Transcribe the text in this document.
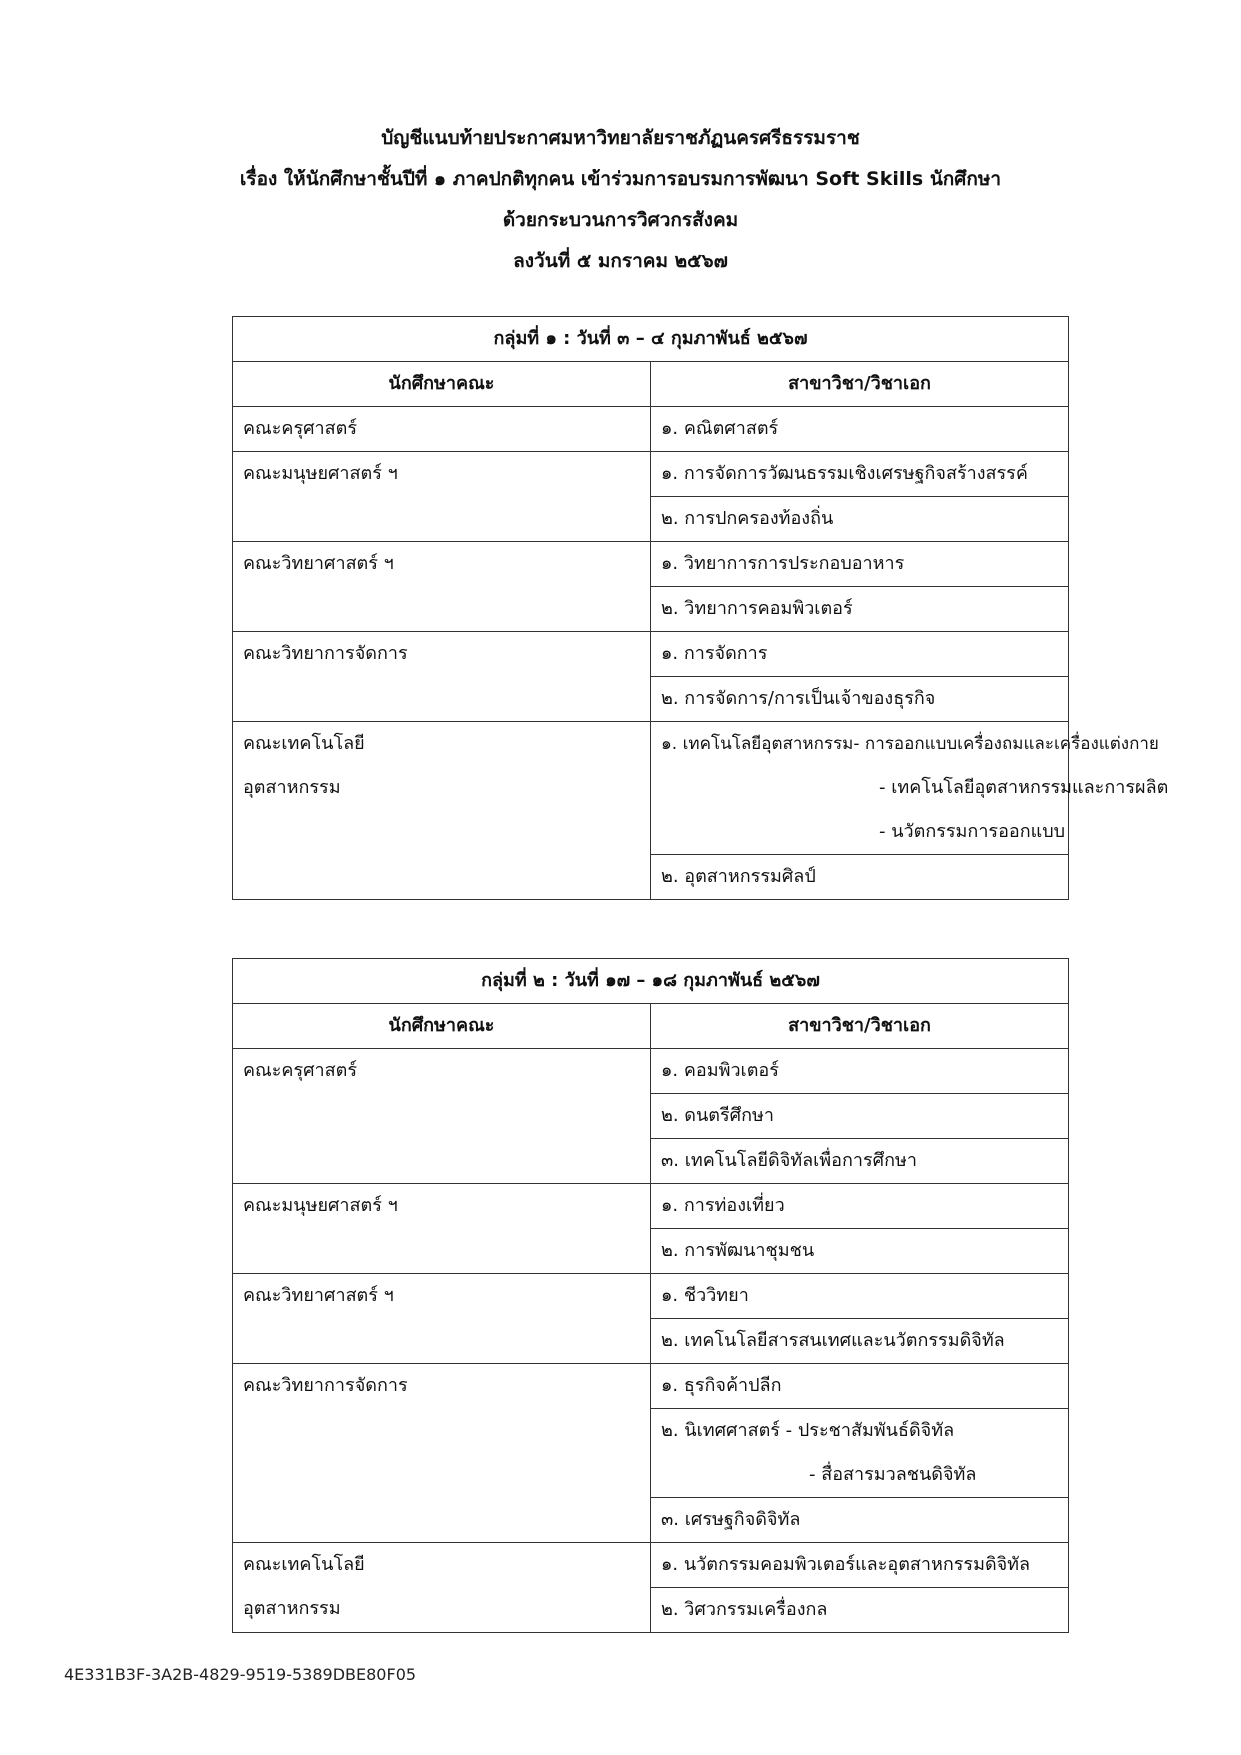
บัญชีแนบท้ายประกาศมหาวิทยาลัยราชภัฏนครศรีธรรมราช
เรื่อง ให้นักศึกษาชั้นปีที่ ๑ ภาคปกติทุกคน เข้าร่วมการอบรมการพัฒนา Soft Skills นักศึกษา
ด้วยกระบวนการวิศวกรสังคม
ลงวันที่ ๕ มกราคม ๒๕๖๗
กลุ่มที่ ๑ : วันที่ ๓ – ๔ กุมภาพันธ์ ๒๕๖๗	
นักศึกษาคณะ	สาขาวิชา/วิชาเอก
คณะครุศาสตร์	๑. คณิตศาสตร์
คณะมนุษยศาสตร์ ฯ	๑. การจัดการวัฒนธรรมเชิงเศรษฐกิจสร้างสรรค์
	๒. การปกครองท้องถิ่น
คณะวิทยาศาสตร์ ฯ	๑. วิทยาการการประกอบอาหาร
	๒. วิทยาการคอมพิวเตอร์
คณะวิทยาการจัดการ	๑. การจัดการ
	๒. การจัดการ/การเป็นเจ้าของธุรกิจ

คณะเทคโนโลยี
อุตสาหกรรม	๑. เทคโนโลยีอุตสาหกรรม- การออกแบบเครื่องถมและเครื่องแต่งกาย
- เทคโนโลยีอุตสาหกรรมและการผลิต
- นวัตกรรมการออกแบบ

	๒. อุตสาหกรรมศิลป์
กลุ่มที่ ๒ : วันที่ ๑๗ – ๑๘ กุมภาพันธ์ ๒๕๖๗	
นักศึกษาคณะ	สาขาวิชา/วิชาเอก
คณะครุศาสตร์	๑. คอมพิวเตอร์
	๒. ดนตรีศึกษา
	๓. เทคโนโลยีดิจิทัลเพื่อการศึกษา
คณะมนุษยศาสตร์ ฯ	๑. การท่องเที่ยว
	๒. การพัฒนาชุมชน
คณะวิทยาศาสตร์ ฯ	๑. ชีววิทยา
	๒. เทคโนโลยีสารสนเทศและนวัตกรรมดิจิทัล
คณะวิทยาการจัดการ	๑. ธุรกิจค้าปลีก

	๒. นิเทศศาสตร์ - ประชาสัมพันธ์ดิจิทัล
- สื่อสารมวลชนดิจิทัล

	๓. เศรษฐกิจดิจิทัล

คณะเทคโนโลยี
อุตสาหกรรม	๑. นวัตกรรมคอมพิวเตอร์และอุตสาหกรรมดิจิทัล
	๒. วิศวกรรมเครื่องกล
4E331B3F-3A2B-4829-9519-5389DBE80F05
